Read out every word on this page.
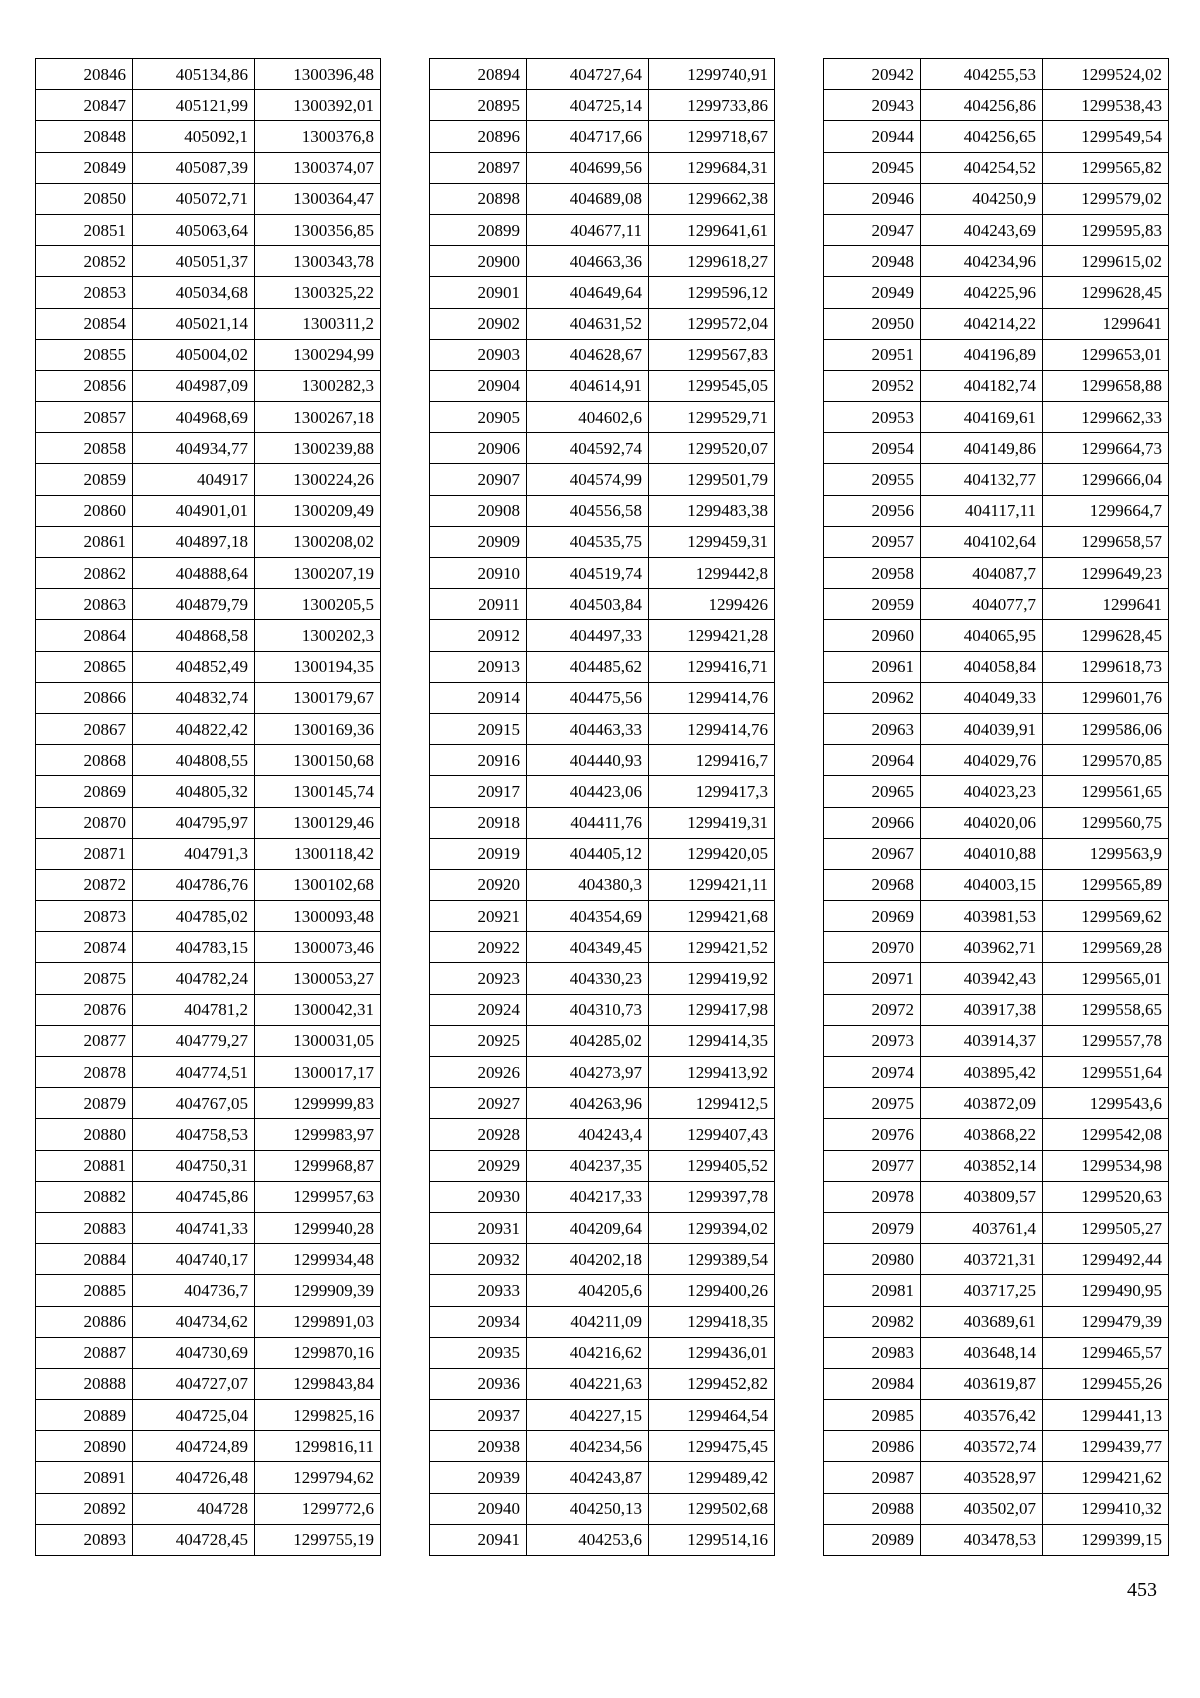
20846	405134,86	1300396,48
20847	405121,99	1300392,01
20848	405092,1	1300376,8
20849	405087,39	1300374,07
20850	405072,71	1300364,47
20851	405063,64	1300356,85
20852	405051,37	1300343,78
20853	405034,68	1300325,22
20854	405021,14	1300311,2
20855	405004,02	1300294,99
20856	404987,09	1300282,3
20857	404968,69	1300267,18
20858	404934,77	1300239,88
20859	404917	1300224,26
20860	404901,01	1300209,49
20861	404897,18	1300208,02
20862	404888,64	1300207,19
20863	404879,79	1300205,5
20864	404868,58	1300202,3
20865	404852,49	1300194,35
20866	404832,74	1300179,67
20867	404822,42	1300169,36
20868	404808,55	1300150,68
20869	404805,32	1300145,74
20870	404795,97	1300129,46
20871	404791,3	1300118,42
20872	404786,76	1300102,68
20873	404785,02	1300093,48
20874	404783,15	1300073,46
20875	404782,24	1300053,27
20876	404781,2	1300042,31
20877	404779,27	1300031,05
20878	404774,51	1300017,17
20879	404767,05	1299999,83
20880	404758,53	1299983,97
20881	404750,31	1299968,87
20882	404745,86	1299957,63
20883	404741,33	1299940,28
20884	404740,17	1299934,48
20885	404736,7	1299909,39
20886	404734,62	1299891,03
20887	404730,69	1299870,16
20888	404727,07	1299843,84
20889	404725,04	1299825,16
20890	404724,89	1299816,11
20891	404726,48	1299794,62
20892	404728	1299772,6
20893	404728,45	1299755,19
20894	404727,64	1299740,91
20895	404725,14	1299733,86
20896	404717,66	1299718,67
20897	404699,56	1299684,31
20898	404689,08	1299662,38
20899	404677,11	1299641,61
20900	404663,36	1299618,27
20901	404649,64	1299596,12
20902	404631,52	1299572,04
20903	404628,67	1299567,83
20904	404614,91	1299545,05
20905	404602,6	1299529,71
20906	404592,74	1299520,07
20907	404574,99	1299501,79
20908	404556,58	1299483,38
20909	404535,75	1299459,31
20910	404519,74	1299442,8
20911	404503,84	1299426
20912	404497,33	1299421,28
20913	404485,62	1299416,71
20914	404475,56	1299414,76
20915	404463,33	1299414,76
20916	404440,93	1299416,7
20917	404423,06	1299417,3
20918	404411,76	1299419,31
20919	404405,12	1299420,05
20920	404380,3	1299421,11
20921	404354,69	1299421,68
20922	404349,45	1299421,52
20923	404330,23	1299419,92
20924	404310,73	1299417,98
20925	404285,02	1299414,35
20926	404273,97	1299413,92
20927	404263,96	1299412,5
20928	404243,4	1299407,43
20929	404237,35	1299405,52
20930	404217,33	1299397,78
20931	404209,64	1299394,02
20932	404202,18	1299389,54
20933	404205,6	1299400,26
20934	404211,09	1299418,35
20935	404216,62	1299436,01
20936	404221,63	1299452,82
20937	404227,15	1299464,54
20938	404234,56	1299475,45
20939	404243,87	1299489,42
20940	404250,13	1299502,68
20941	404253,6	1299514,16
20942	404255,53	1299524,02
20943	404256,86	1299538,43
20944	404256,65	1299549,54
20945	404254,52	1299565,82
20946	404250,9	1299579,02
20947	404243,69	1299595,83
20948	404234,96	1299615,02
20949	404225,96	1299628,45
20950	404214,22	1299641
20951	404196,89	1299653,01
20952	404182,74	1299658,88
20953	404169,61	1299662,33
20954	404149,86	1299664,73
20955	404132,77	1299666,04
20956	404117,11	1299664,7
20957	404102,64	1299658,57
20958	404087,7	1299649,23
20959	404077,7	1299641
20960	404065,95	1299628,45
20961	404058,84	1299618,73
20962	404049,33	1299601,76
20963	404039,91	1299586,06
20964	404029,76	1299570,85
20965	404023,23	1299561,65
20966	404020,06	1299560,75
20967	404010,88	1299563,9
20968	404003,15	1299565,89
20969	403981,53	1299569,62
20970	403962,71	1299569,28
20971	403942,43	1299565,01
20972	403917,38	1299558,65
20973	403914,37	1299557,78
20974	403895,42	1299551,64
20975	403872,09	1299543,6
20976	403868,22	1299542,08
20977	403852,14	1299534,98
20978	403809,57	1299520,63
20979	403761,4	1299505,27
20980	403721,31	1299492,44
20981	403717,25	1299490,95
20982	403689,61	1299479,39
20983	403648,14	1299465,57
20984	403619,87	1299455,26
20985	403576,42	1299441,13
20986	403572,74	1299439,77
20987	403528,97	1299421,62
20988	403502,07	1299410,32
20989	403478,53	1299399,15
453
